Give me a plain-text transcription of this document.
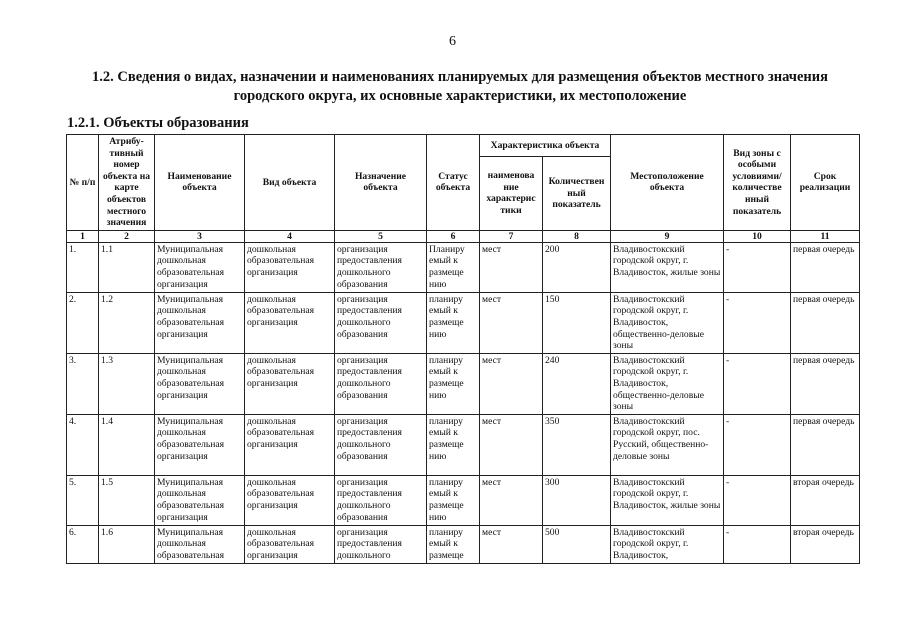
6
1.2. Сведения о видах, назначении и наименованиях планируемых для размещения объектов местного значения городского округа, их основные характеристики, их местоположение
1.2.1. Объекты образования
№ п/п	Атрибу-тивный номер объекта на карте объектов местного значения	Наименование объекта	Вид объекта	Назначение объекта	Статус объекта	Характеристика объекта		Местоположение объекта	Вид зоны с особыми условиями/ количестве нный показатель	Срок реализации
						наименова ние характерис тики	Количествен ный показатель			
1	2	3	4	5	6	7	8	9	10	11
1.	1.1	Муниципальная дошкольная образовательная организация	дошкольная образовательная организация	организация предоставления дошкольного образования	Планиру емый к размеще нию	мест	200	Владивостокский городской округ, г. Владивосток, жилые зоны	-	первая очередь
2.	1.2	Муниципальная дошкольная образовательная организация	дошкольная образовательная организация	организация предоставления дошкольного образования	планиру емый к размеще нию	мест	150	Владивостокский городской округ, г. Владивосток, общественно-деловые зоны	-	первая очередь
3.	1.3	Муниципальная дошкольная образовательная организация	дошкольная образовательная организация	организация предоставления дошкольного образования	планиру емый к размеще нию	мест	240	Владивостокский городской округ, г. Владивосток, общественно-деловые зоны	-	первая очередь
4.	1.4	Муниципальная дошкольная образовательная организация	дошкольная образовательная организация	организация предоставления дошкольного образования	планиру емый к размеще нию	мест	350	Владивостокский городской округ, пос. Русский, общественно-деловые зоны	-	первая очередь
5.	1.5	Муниципальная дошкольная образовательная организация	дошкольная образовательная организация	организация предоставления дошкольного образования	планиру емый к размеще нию	мест	300	Владивостокский городской округ, г. Владивосток, жилые зоны	-	вторая очередь
6.	1.6	Муниципальная дошкольная образовательная	дошкольная образовательная организация	организация предоставления дошкольного	планиру емый к размеще	мест	500	Владивостокский городской округ, г. Владивосток,	-	вторая очередь
